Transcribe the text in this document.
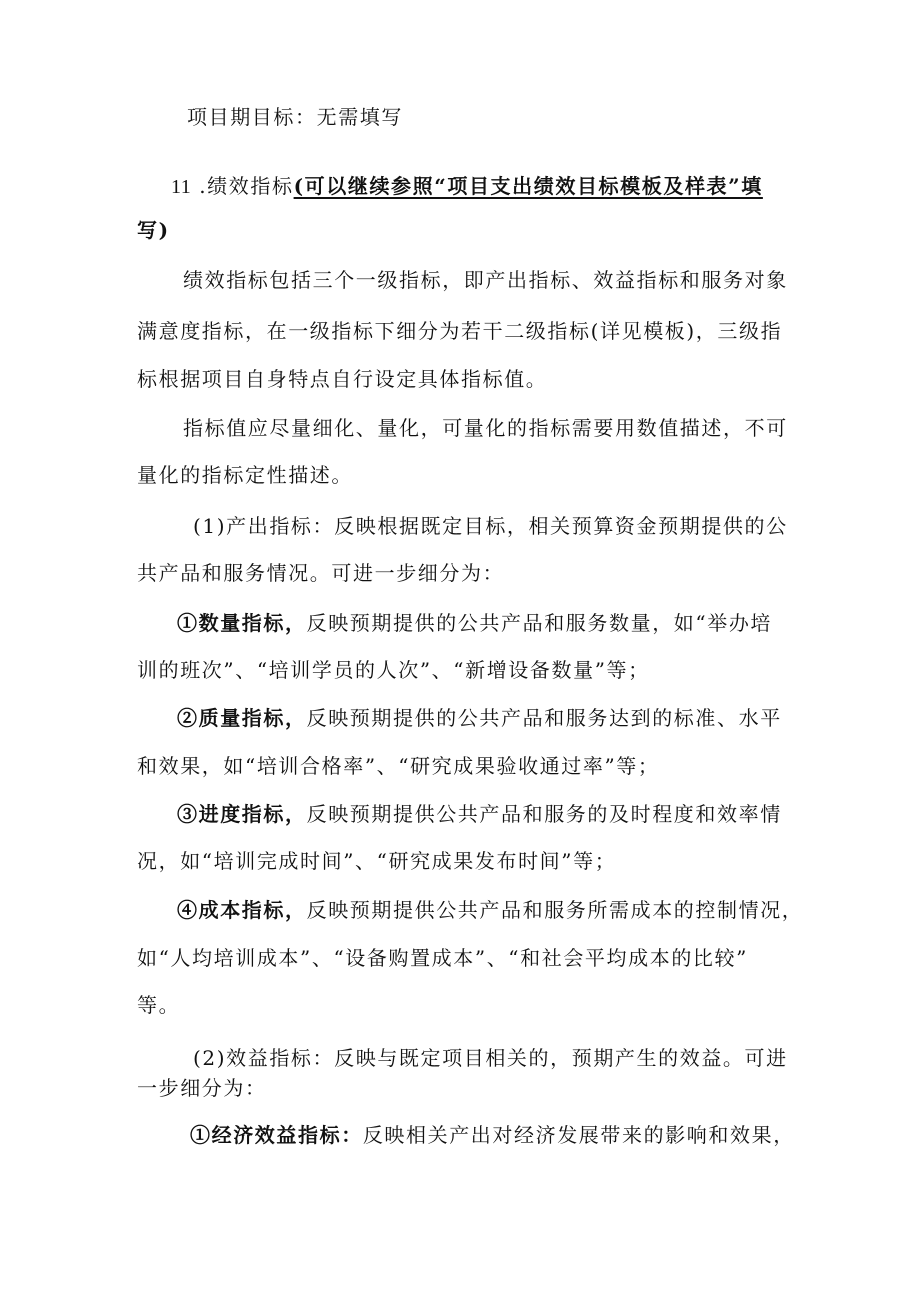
项目期目标：无需填写
11 .绩效指标(可以继续参照“项目支出绩效目标模板及样表”填
写)
绩效指标包括三个一级指标，即产出指标、效益指标和服务对象
满意度指标，在一级指标下细分为若干二级指标(详见模板)，三级指
标根据项目自身特点自行设定具体指标值。
指标值应尽量细化、量化，可量化的指标需要用数值描述，不可
量化的指标定性描述。
(1)产出指标：反映根据既定目标，相关预算资金预期提供的公
共产品和服务情况。可进一步细分为：
①数量指标，反映预期提供的公共产品和服务数量，如“举办培
训的班次”、“培训学员的人次”、“新增设备数量”等；
②质量指标，反映预期提供的公共产品和服务达到的标准、水平
和效果，如“培训合格率”、“研究成果验收通过率”等；
③进度指标，反映预期提供公共产品和服务的及时程度和效率情
况，如“培训完成时间”、“研究成果发布时间”等；
④成本指标，反映预期提供公共产品和服务所需成本的控制情况，
如“人均培训成本”、“设备购置成本”、“和社会平均成本的比较”
等。
(2)效益指标：反映与既定项目相关的，预期产生的效益。可进
一步细分为：
①经济效益指标：反映相关产出对经济发展带来的影响和效果，
